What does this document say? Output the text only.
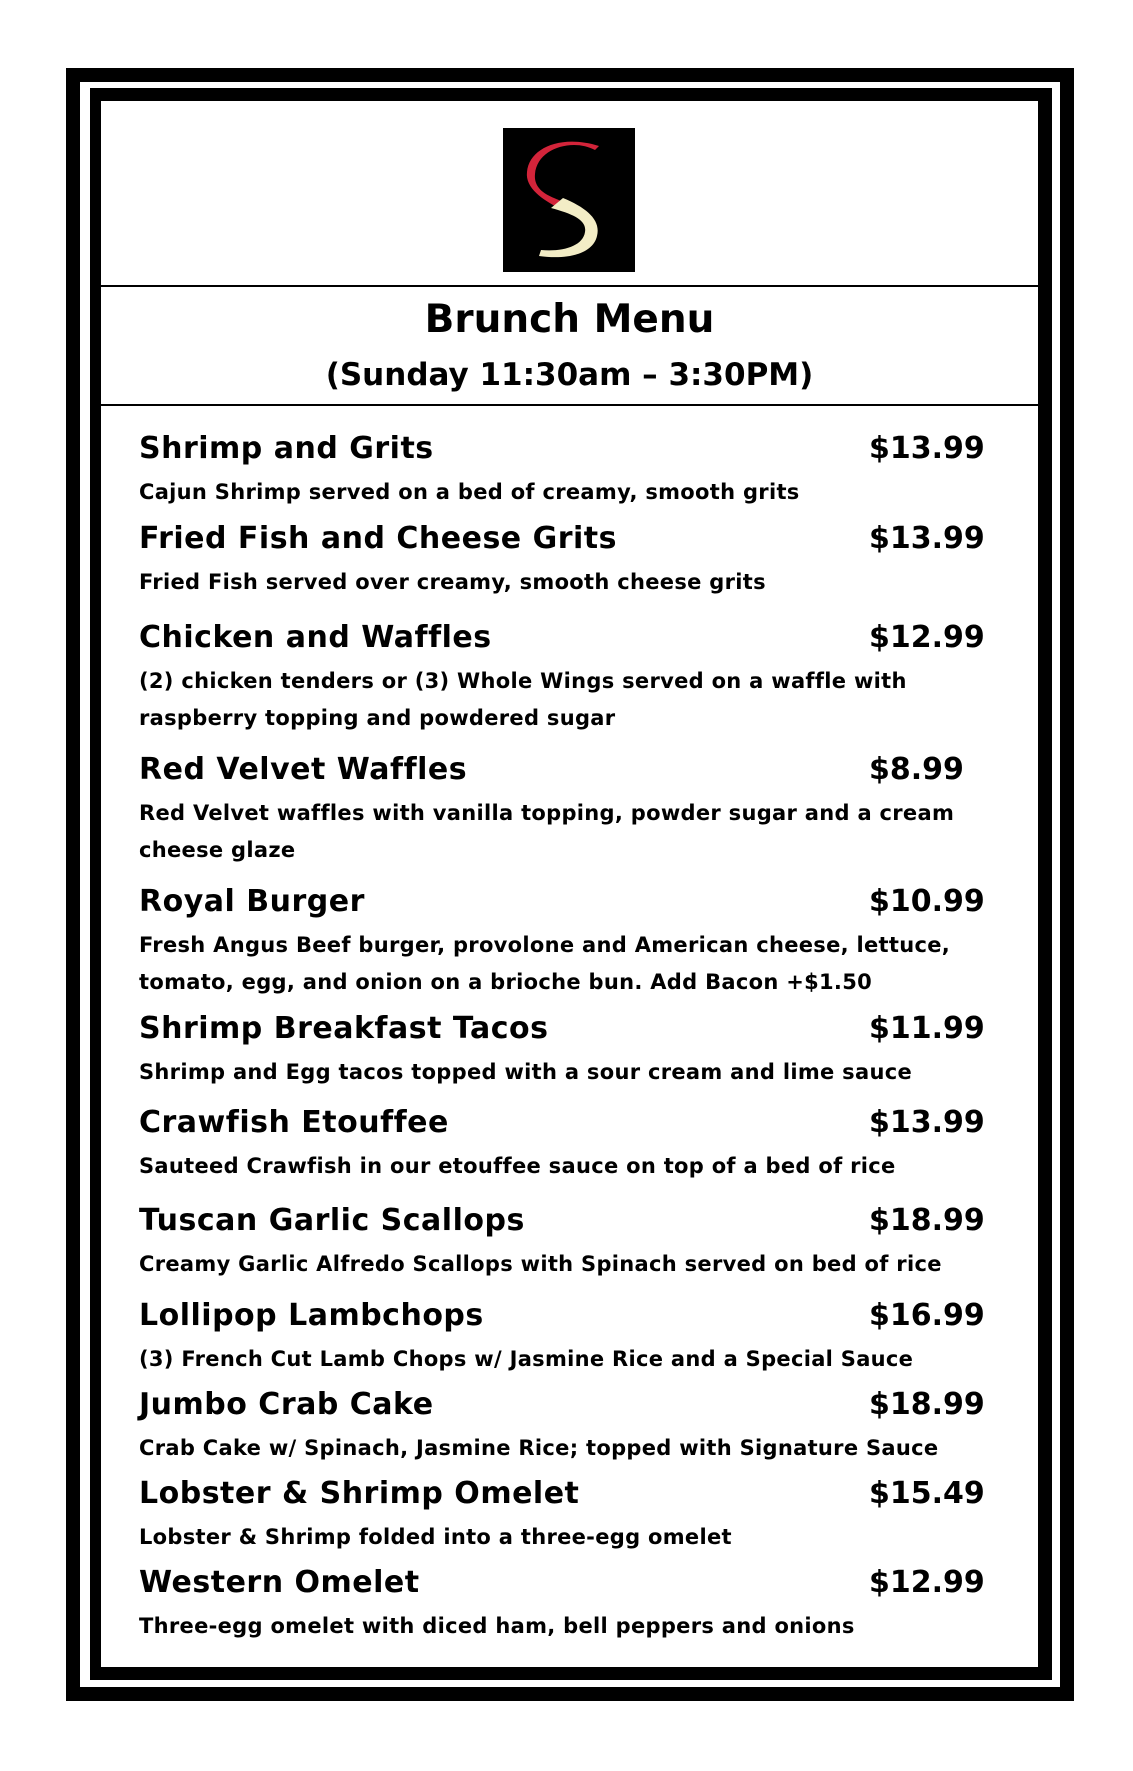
Brunch Menu
(Sunday 11:30am – 3:30PM)
Shrimp and Grits	$13.99
Cajun Shrimp served on a bed of creamy, smooth grits
Fried Fish and Cheese Grits	$13.99
Fried Fish served over creamy, smooth cheese grits
Chicken and Waffles	$12.99
(2) chicken tenders or (3) Whole Wings served on a waffle with raspberry topping and powdered sugar
Red Velvet Waffles	$8.99
Red Velvet waffles with vanilla topping, powder sugar and a cream cheese glaze
Royal Burger	$10.99
Fresh Angus Beef burger, provolone and American cheese, lettuce, tomato, egg, and onion on a brioche bun. Add Bacon +$1.50
Shrimp Breakfast Tacos	$11.99
Shrimp and Egg tacos topped with a sour cream and lime sauce
Crawfish Etouffee	$13.99
Sauteed Crawfish in our etouffee sauce on top of a bed of rice
Tuscan Garlic Scallops	$18.99
Creamy Garlic Alfredo Scallops with Spinach served on bed of rice
Lollipop Lambchops	$16.99
(3) French Cut Lamb Chops w/ Jasmine Rice and a Special Sauce
Jumbo Crab Cake	$18.99
Crab Cake w/ Spinach, Jasmine Rice; topped with Signature Sauce
Lobster & Shrimp Omelet	$15.49
Lobster & Shrimp folded into a three-egg omelet
Western Omelet	$12.99
Three-egg omelet with diced ham, bell peppers and onions
